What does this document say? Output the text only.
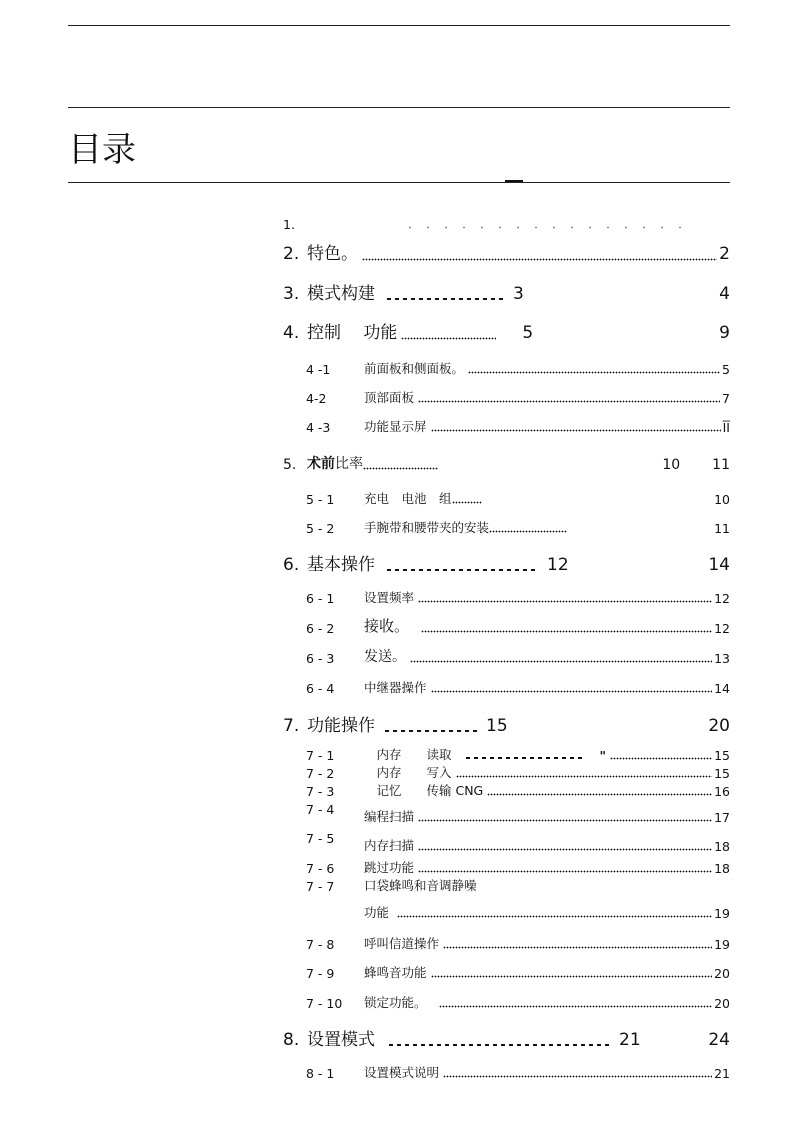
目录
1.
2. 特色。	2
3. 模式构建	3	4
4. 控制　 功能	5	9
4 -1	前面板和侧面板。	5
4-2	顶部面板	7
4 -3	功能显示屏	ĪĪ
5. 术前 比率	10 11
5 - 1	充电　电池　组	10
5 - 2	手腕带和腰带夹的安装	11
6. 基本操作	12	14
6 - 1	设置频率	12
6 - 2	接收。	12
6 - 3	发送。	13
6 - 4	中继器操作	14
7. 功能操作	15	20
7 - 1	　内存　　读取	"	15
7 - 2	　内存　　写入	15
7 - 3	　记忆　　传输 CNG	16
7 - 4	编程扫描	17
7 - 5	内存扫描	18
7 - 6	跳过功能	18
7 - 7	口袋蜂鸣和音调静噪
功能	19
7 - 8	呼叫信道操作	19
7 - 9	蜂鸣音功能	20
7 - 10	锁定功能。	20
8. 设置模式	21	24
8 - 1	设置模式说明	21
